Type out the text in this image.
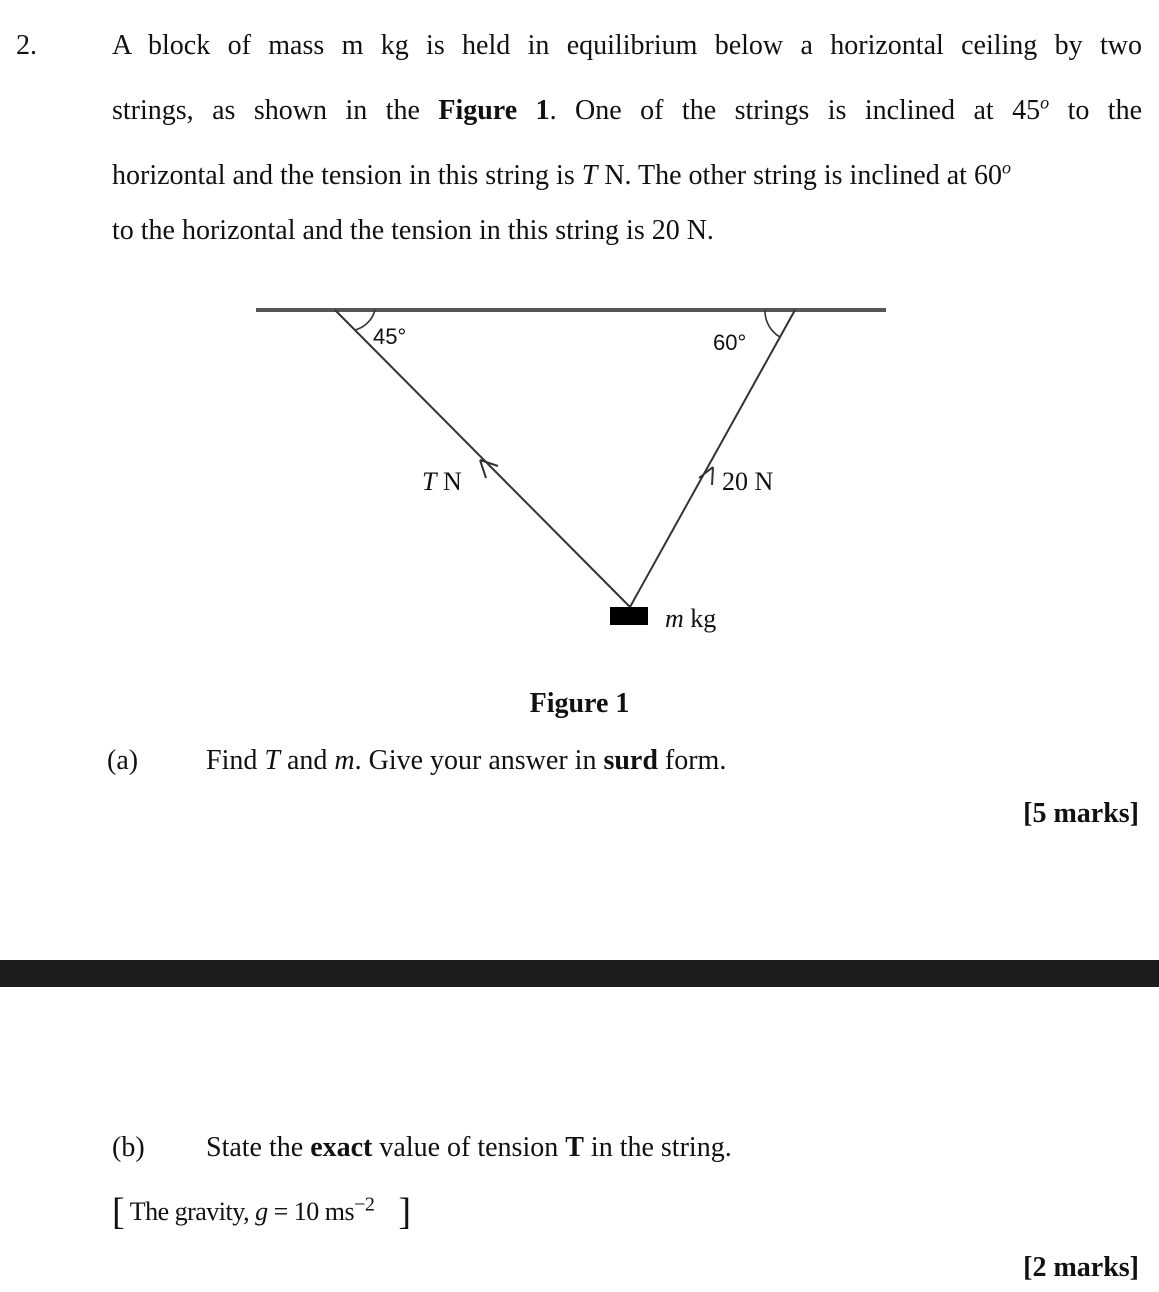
2.	A block of mass m kg is held in equilibrium below a horizontal ceiling by two
strings, as shown in the Figure 1. One of the strings is inclined at 45$^o$ to the
horizontal and the tension in this string is T N. The other string is inclined at 60$^o$
to the horizontal and the tension in this string is 20 N.
45°	60°
T N	20 N
m kg
Figure 1
(a) Find T and m. Give your answer in surd form.
[5 marks]
(b) State the exact value of tension T in the string.
[ The gravity, g = 10 $ms^{-2}$ ]
[2 marks]
